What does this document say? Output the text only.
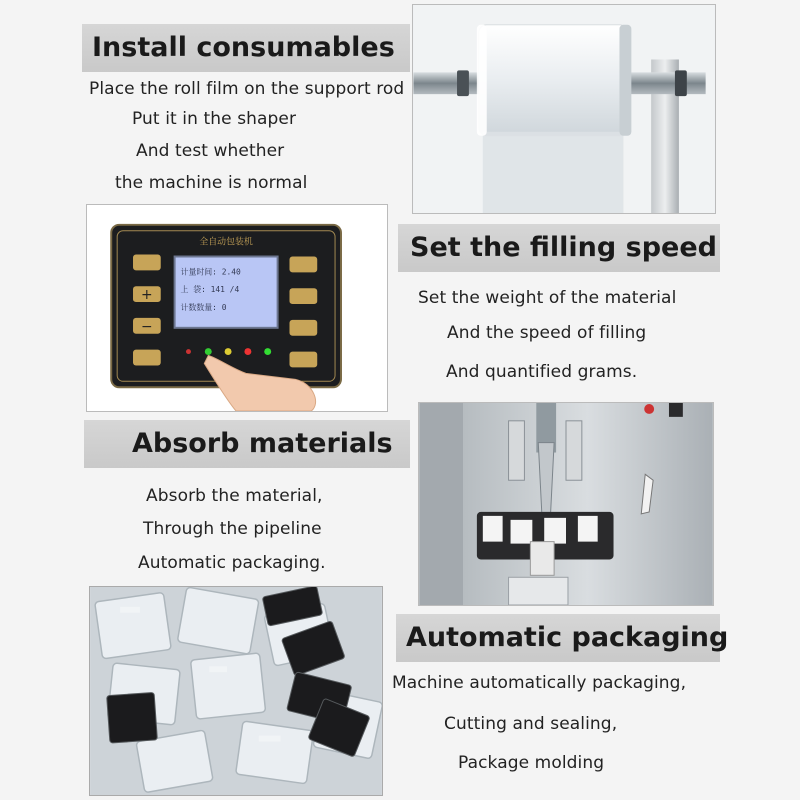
Install consumables
Place the roll film on the support rod
Put it in the shaper
And test whether
the machine is normal
全自动包装机
计量时间: 2.40
上 袋: 141 /4
计数数量: 0
+
−
Set the filling speed
Set the weight of the material
And the speed of filling
And quantified grams.
Absorb materials
Absorb the material,
Through the pipeline
Automatic packaging.
Automatic packaging
Machine automatically packaging,
Cutting and sealing,
Package molding
